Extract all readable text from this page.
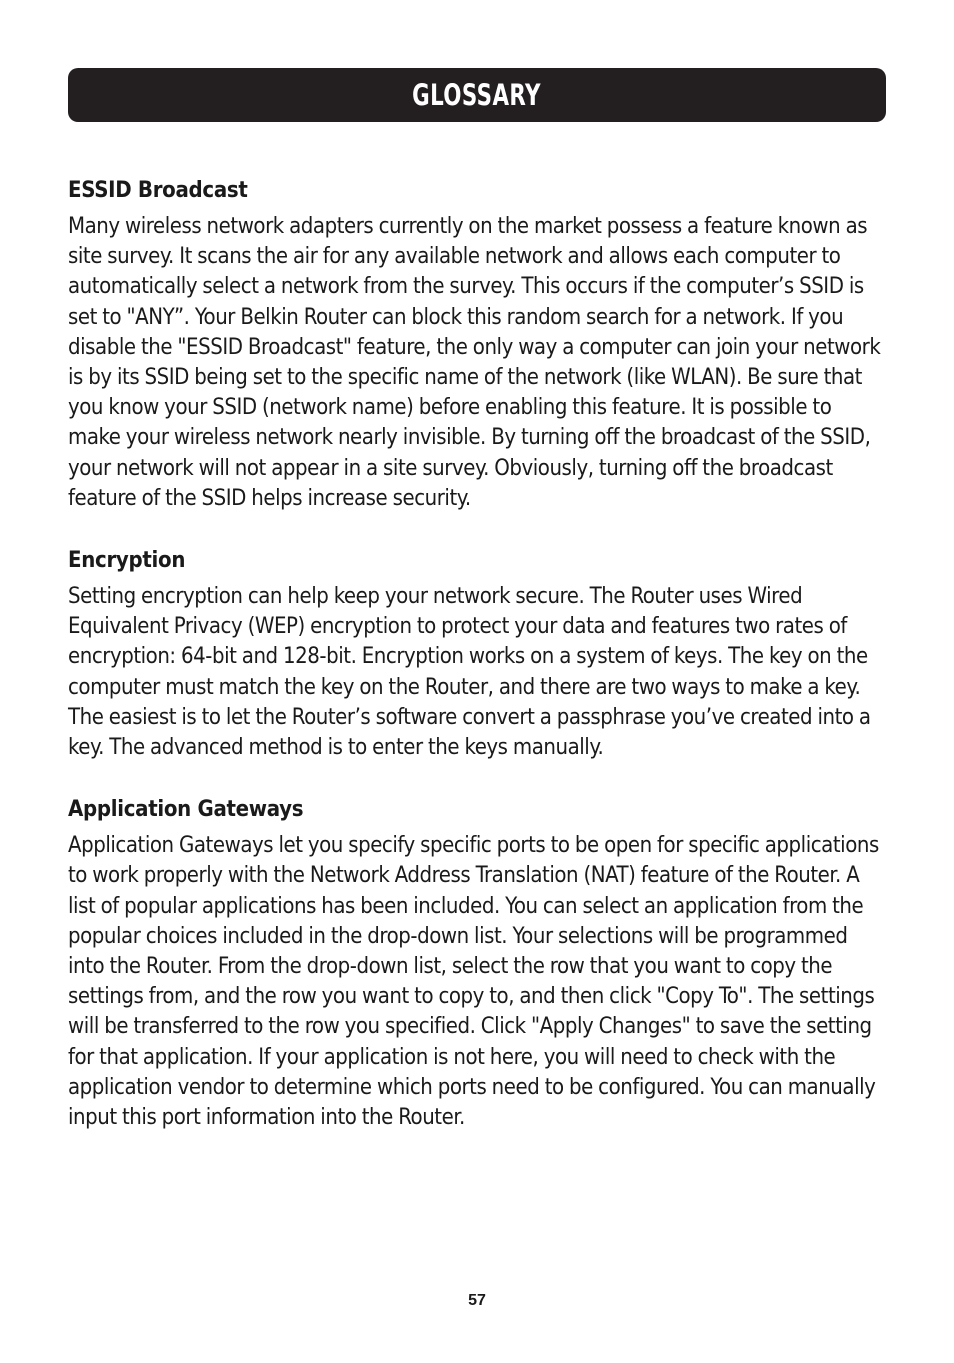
GLOSSARY
ESSID Broadcast

Many wireless network adapters currently on the market possess a feature known as site survey. It scans the air for any available network and allows each computer to automatically select a network from the survey. This occurs if the computer’s SSID is set to "ANY”. Your Belkin Router can block this random search for a network. If you disable the "ESSID Broadcast" feature, the only way a computer can join your network is by its SSID being set to the specific name of the network (like WLAN). Be sure that you know your SSID (network name) before enabling this feature. It is possible to make your wireless network nearly invisible. By turning off the broadcast of the SSID, your network will not appear in a site survey. Obviously, turning off the broadcast feature of the SSID helps increase security.

Encryption

Setting encryption can help keep your network secure. The Router uses Wired Equivalent Privacy (WEP) encryption to protect your data and features two rates of encryption: 64-bit and 128-bit. Encryption works on a system of keys. The key on the computer must match the key on the Router, and there are two ways to make a key. The easiest is to let the Router’s software convert a passphrase you’ve created into a key. The advanced method is to enter the keys manually.

Application Gateways

Application Gateways let you specify specific ports to be open for specific applications to work properly with the Network Address Translation (NAT) feature of the Router. A list of popular applications has been included. You can select an application from the popular choices included in the drop-down list. Your selections will be programmed into the Router. From the drop-down list, select the row that you want to copy the settings from, and the row you want to copy to, and then click "Copy To". The settings will be transferred to the row you specified. Click "Apply Changes" to save the setting for that application. If your application is not here, you will need to check with the application vendor to determine which ports need to be configured. You can manually input this port information into the Router.

57
